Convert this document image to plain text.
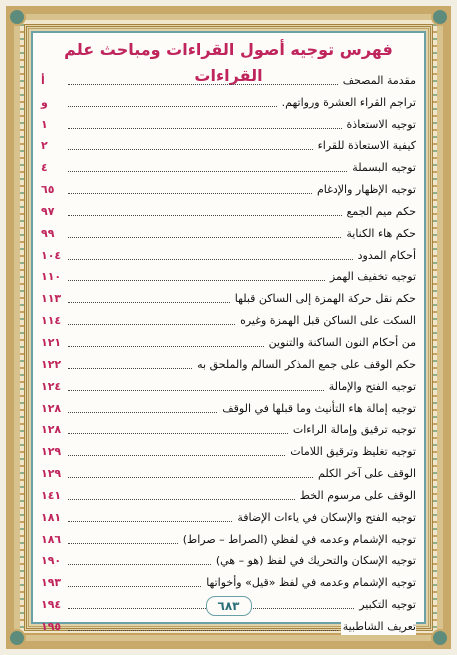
فهرس توجيه أصول القراءات ومباحث علم القراءات	مقدمة المصحف
أ
تراجم القراء العشرة ورواتهم.
و
توجيه الاستعاذة
١
كيفية الاستعاذة للقراء
٢
توجيه البسملة
٤
توجيه الإظهار والإدغام
٦٥
حكم ميم الجمع
٩٧
حكم هاء الكناية
٩٩
أحكام المدود
١٠٤
توجيه تخفيف الهمز
١١٠
حكم نقل حركة الهمزة إلى الساكن قبلها
١١٣
السكت على الساكن قبل الهمزة وغيره
١١٤
من أحكام النون الساكنة والتنوين
١٢١
حكم الوقف على جمع المذكر السالم والملحق به
١٢٢
توجيه الفتح والإمالة
١٢٤
توجيه إمالة هاء التأنيث وما قبلها في الوقف
١٢٨
توجيه ترقيق وإمالة الراءات
١٢٨
توجيه تغليظ وترقيق اللامات
١٢٩
الوقف على آخر الكلم
١٢٩
الوقف على مرسوم الخط
١٤١
توجيه الفتح والإسكان في ياءات الإضافة
١٨١
توجيه الإشمام وعدمه في لفظي (الصراط – صراط)
١٨٦
توجيه الإسكان والتحريك في لفظ (هو – هي)
١٩٠
توجيه الإشمام وعدمه في لفظ «قيل» وأخواتها
١٩٣
توجيه التكبير
١٩٤
تعريف الشاطبية
١٩٥
٦٨٣
